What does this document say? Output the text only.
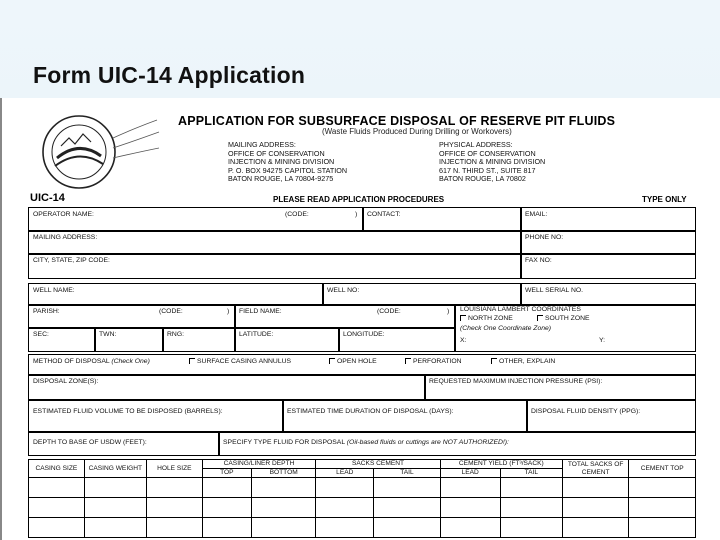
Form UIC-14 Application
APPLICATION FOR SUBSURFACE DISPOSAL OF RESERVE PIT FLUIDS
(Waste Fluids Produced During Drilling or Workovers)
MAILING ADDRESS:
OFFICE OF CONSERVATION
INJECTION & MINING DIVISION
P. O. BOX 94275 CAPITOL STATION
BATON ROUGE, LA 70804-9275
PHYSICAL ADDRESS:
OFFICE OF CONSERVATION
INJECTION & MINING DIVISION
617 N. THIRD ST., SUITE 817
BATON ROUGE, LA 70802
UIC-14	PLEASE READ APPLICATION PROCEDURES	TYPE ONLY
OPERATOR NAME:	(CODE:	)	CONTACT:	EMAIL:
MAILING ADDRESS:	PHONE NO:
CITY, STATE, ZIP CODE:	FAX NO:
WELL NAME:	WELL NO:	WELL SERIAL NO.
PARISH:	(CODE:	)	FIELD NAME:	(CODE:	) LOUISIANA LAMBERT COORDINATES
NORTH ZONE	SOUTH ZONE
(Check One Coordinate Zone)
X:	Y:
SEC:	TWN:	RNG:	LATITUDE:	LONGITUDE:
METHOD OF DISPOSAL (Check One)	SURFACE CASING ANNULUS	OPEN HOLE	PERFORATION	OTHER, EXPLAIN
DISPOSAL ZONE(S):	REQUESTED MAXIMUM INJECTION PRESSURE (PSI):
ESTIMATED FLUID VOLUME TO BE DISPOSED (BARRELS):	ESTIMATED TIME DURATION OF DISPOSAL (DAYS):	DISPOSAL FLUID DENSITY (PPG):
DEPTH TO BASE OF USDW (FEET):	SPECIFY TYPE FLUID FOR DISPOSAL (Oil-based fluids or cuttings are NOT AUTHORIZED!):
CASING SIZE	CASING WEIGHT	HOLE SIZE	CASING/LINER DEPTH		SACKS CEMENT		CEMENT YIELD (FT³/SACK)		TOTAL SACKS OF CEMENT	CEMENT TOP
			TOP	BOTTOM	LEAD	TAIL	LEAD	TAIL		
